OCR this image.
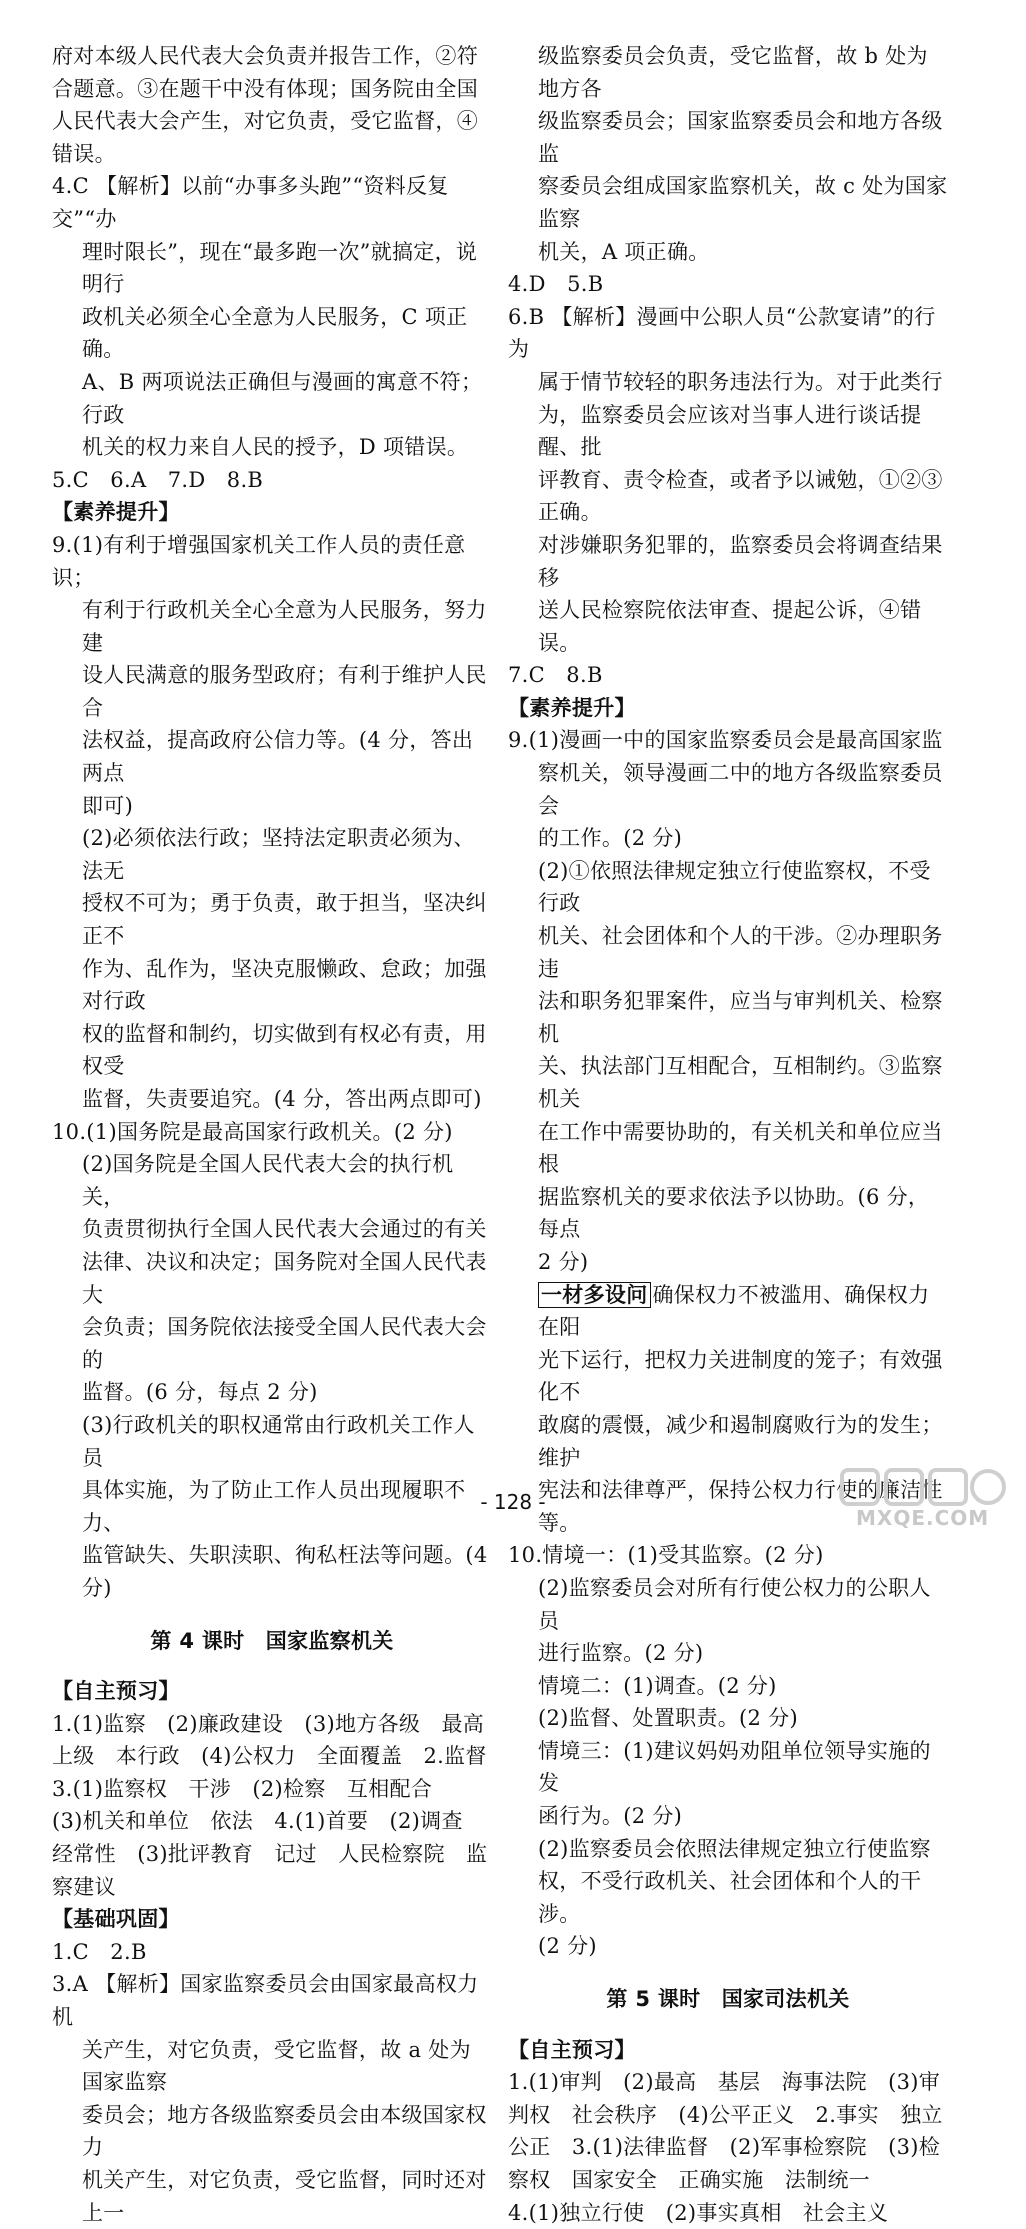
府对本级人民代表大会负责并报告工作，②符

合题意。③在题干中没有体现；国务院由全国

人民代表大会产生，对它负责，受它监督，④

错误。

4.C 【解析】以前“办事多头跑”“资料反复交”“办

理时限长”，现在“最多跑一次”就搞定，说明行

政机关必须全心全意为人民服务，C 项正确。

A、B 两项说法正确但与漫画的寓意不符；行政

机关的权力来自人民的授予，D 项错误。

5.C　6.A　7.D　8.B

【素养提升】

9.(1)有利于增强国家机关工作人员的责任意识；

有利于行政机关全心全意为人民服务，努力建

设人民满意的服务型政府；有利于维护人民合

法权益，提高政府公信力等。(4 分，答出两点

即可)

(2)必须依法行政；坚持法定职责必须为、法无

授权不可为；勇于负责，敢于担当，坚决纠正不

作为、乱作为，坚决克服懒政、怠政；加强对行政

权的监督和制约，切实做到有权必有责，用权受

监督，失责要追究。(4 分，答出两点即可)

10.(1)国务院是最高国家行政机关。(2 分)

(2)国务院是全国人民代表大会的执行机关，

负责贯彻执行全国人民代表大会通过的有关

法律、决议和决定；国务院对全国人民代表大

会负责；国务院依法接受全国人民代表大会的

监督。(6 分，每点 2 分)

(3)行政机关的职权通常由行政机关工作人员

具体实施，为了防止工作人员出现履职不力、

监管缺失、失职渎职、徇私枉法等问题。(4 分)

第 4 课时　国家监察机关

【自主预习】

1.(1)监察　(2)廉政建设　(3)地方各级　最高

上级　本行政　(4)公权力　全面覆盖　2.监督

3.(1)监察权　干涉　(2)检察　互相配合

(3)机关和单位　依法　4.(1)首要　(2)调查

经常性　(3)批评教育　记过　人民检察院　监

察建议

【基础巩固】

1.C　2.B

3.A 【解析】国家监察委员会由国家最高权力机

关产生，对它负责，受它监督，故 a 处为国家监察

委员会；地方各级监察委员会由本级国家权力

机关产生，对它负责，受它监督，同时还对上一

级监察委员会负责，受它监督，故 b 处为地方各

级监察委员会；国家监察委员会和地方各级监

察委员会组成国家监察机关，故 c 处为国家监察

机关，A 项正确。

4.D　5.B

6.B 【解析】漫画中公职人员“公款宴请”的行为

属于情节较轻的职务违法行为。对于此类行

为，监察委员会应该对当事人进行谈话提醒、批

评教育、责令检查，或者予以诫勉，①②③正确。

对涉嫌职务犯罪的，监察委员会将调查结果移

送人民检察院依法审查、提起公诉，④错误。

7.C　8.B

【素养提升】

9.(1)漫画一中的国家监察委员会是最高国家监

察机关，领导漫画二中的地方各级监察委员会

的工作。(2 分)

(2)①依照法律规定独立行使监察权，不受行政

机关、社会团体和个人的干涉。②办理职务违

法和职务犯罪案件，应当与审判机关、检察机

关、执法部门互相配合，互相制约。③监察机关

在工作中需要协助的，有关机关和单位应当根

据监察机关的要求依法予以协助。(6 分，每点

2 分)

一材多设问 确保权力不被滥用、确保权力在阳

光下运行，把权力关进制度的笼子；有效强化不

敢腐的震慑，减少和遏制腐败行为的发生；维护

宪法和法律尊严，保持公权力行使的廉洁性等。

10.情境一：(1)受其监察。(2 分)

(2)监察委员会对所有行使公权力的公职人员

进行监察。(2 分)

情境二：(1)调查。(2 分)

(2)监督、处置职责。(2 分)

情境三：(1)建议妈妈劝阻单位领导实施的发

函行为。(2 分)

(2)监察委员会依照法律规定独立行使监察

权，不受行政机关、社会团体和个人的干涉。

(2 分)

第 5 课时　国家司法机关

【自主预习】

1.(1)审判　(2)最高　基层　海事法院　(3)审

判权　社会秩序　(4)公平正义　2.事实　独立

公正　3.(1)法律监督　(2)军事检察院　(3)检

察权　国家安全　正确实施　法制统一

4.(1)独立行使　(2)事实真相　社会主义

- 128 -
MXQE.COM
